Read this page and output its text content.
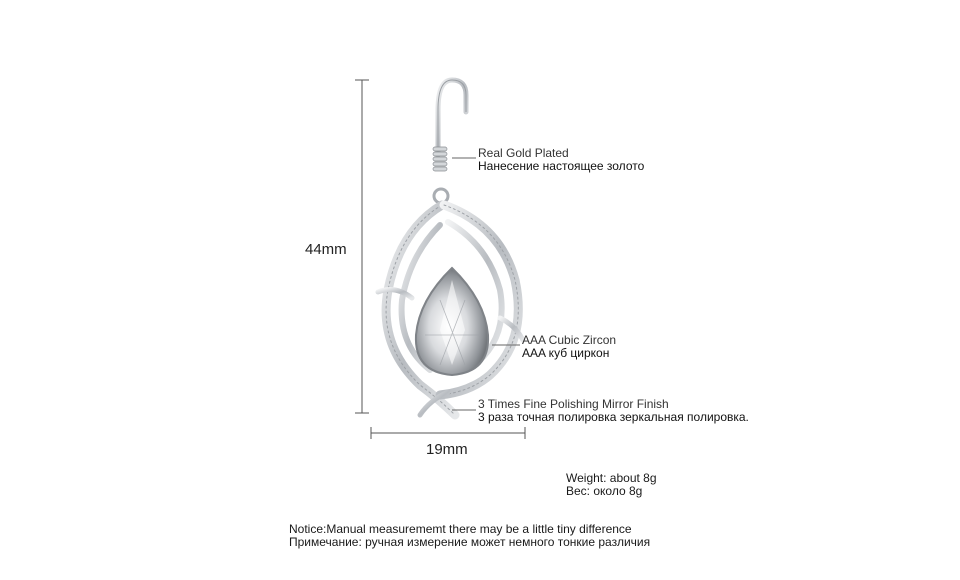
44mm
19mm
Real Gold Plated
Нанесение настоящее золото
AAA Cubic Zircon
AAA куб циркон
3 Times Fine Polishing Mirror Finish
3 раза точная полировка зеркальная полировка.
Weight: about 8g
Вес: около 8g
Notice:Manual measurememt there may be a little tiny difference
Примечание: ручная измерение может немного тонкие различия
